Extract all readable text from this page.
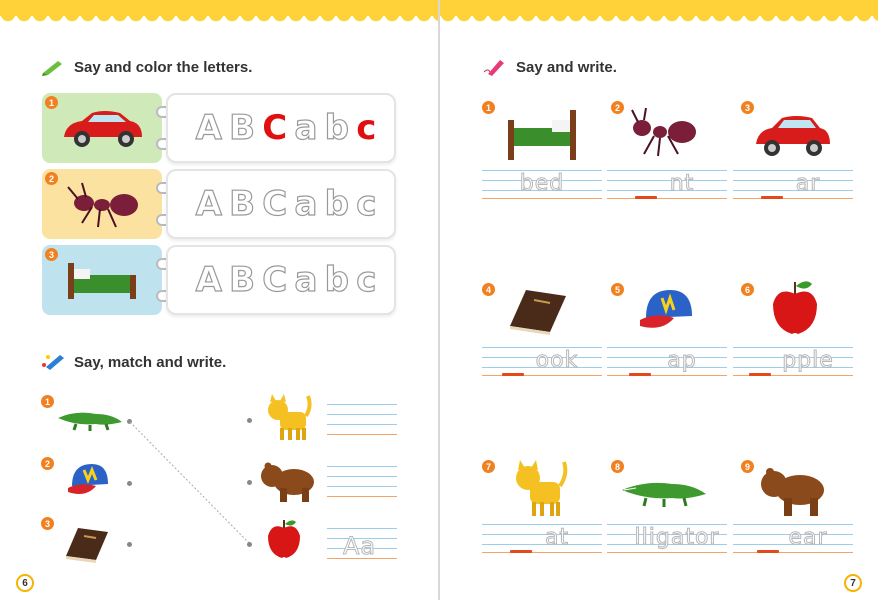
Say and color the letters.
1
A B C a b c
2
A B C a b c
3
A B C a b c
Say, match and write.
1
2
3
Aa
6
Say and write.
1
bed
2
nt
3
ar
4
ook
5
ap
6
pple
7
at
8
lligator
9
ear
7
